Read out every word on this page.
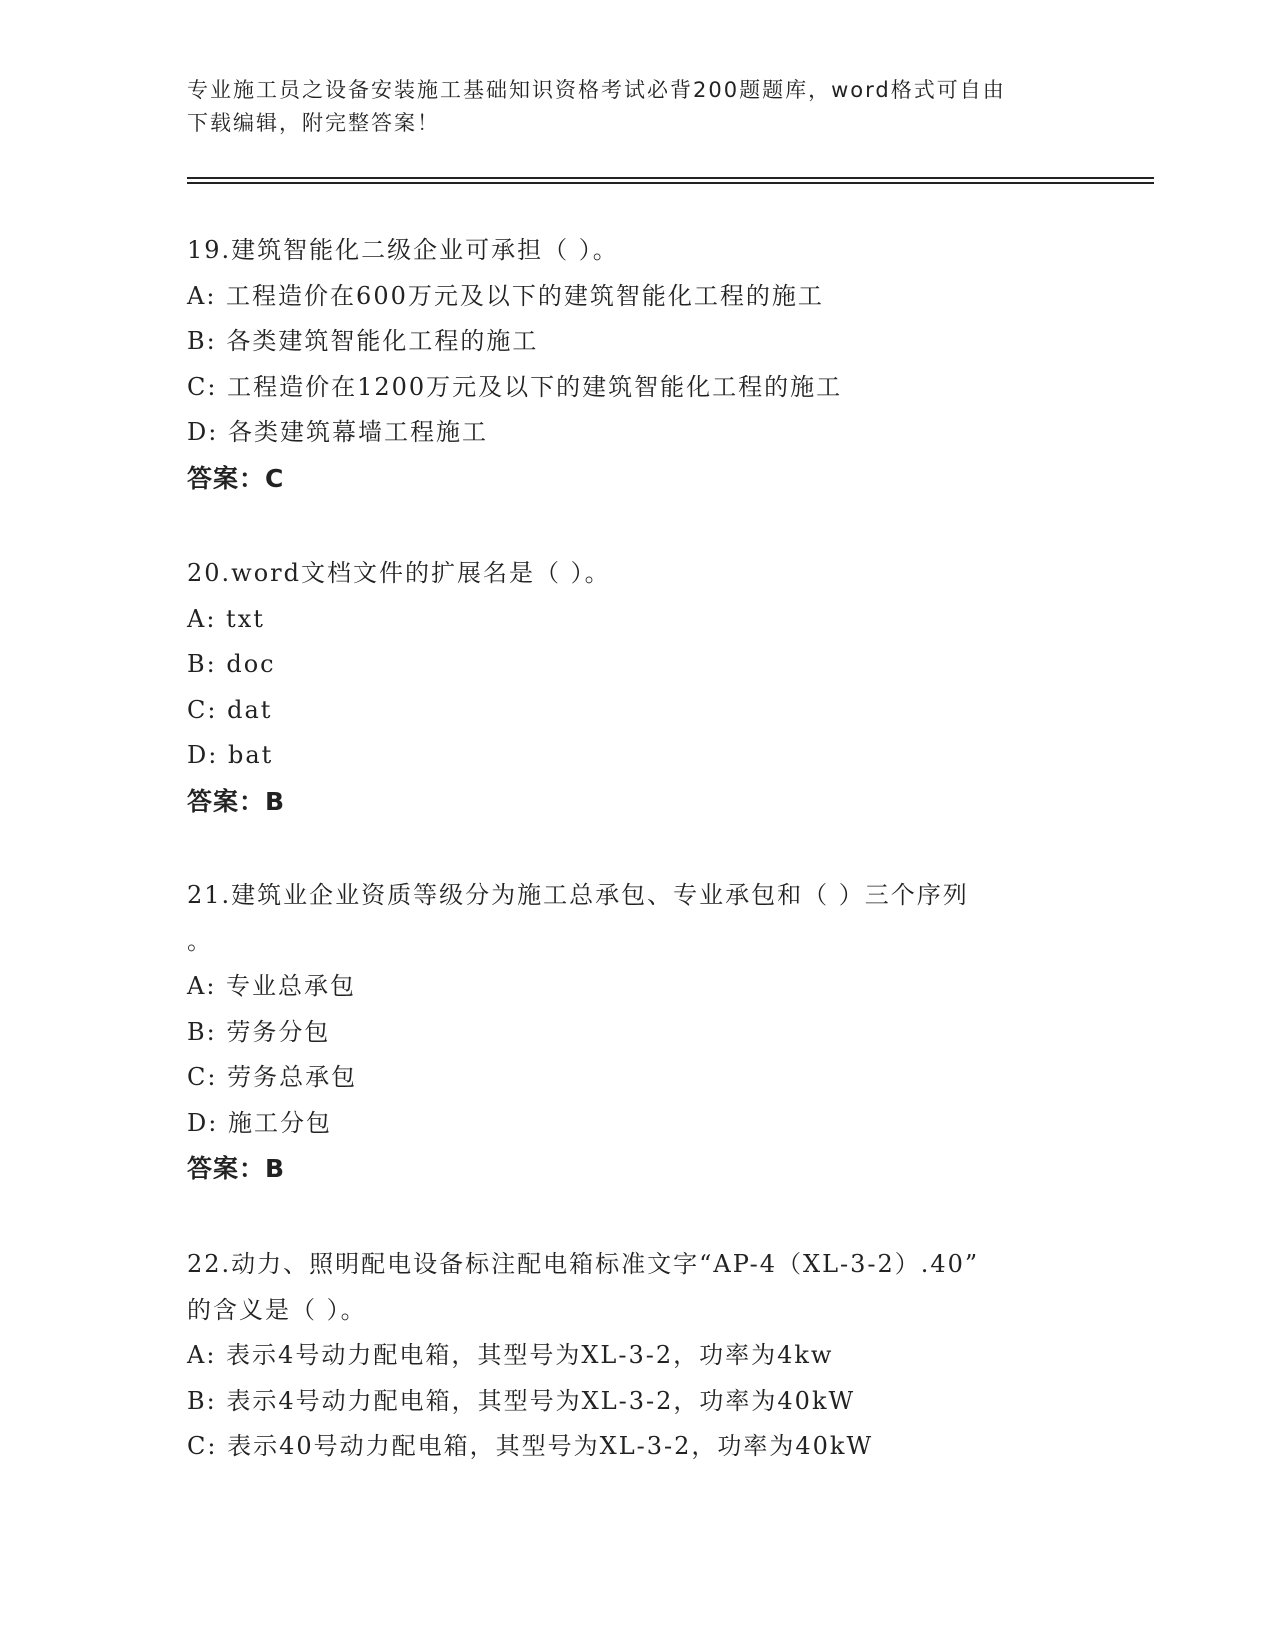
专业施工员之设备安装施工基础知识资格考试必背200题题库，word格式可自由
下载编辑，附完整答案！
19.建筑智能化二级企业可承担（ ）。
A: 工程造价在600万元及以下的建筑智能化工程的施工
B: 各类建筑智能化工程的施工
C: 工程造价在1200万元及以下的建筑智能化工程的施工
D: 各类建筑幕墙工程施工
答案：C
20.word文档文件的扩展名是（ ）。
A: txt
B: doc
C: dat
D: bat
答案：B
21.建筑业企业资质等级分为施工总承包、专业承包和（ ）三个序列
。
A: 专业总承包
B: 劳务分包
C: 劳务总承包
D: 施工分包
答案：B
22.动力、照明配电设备标注配电箱标准文字“AP-4（XL-3-2）.40”
的含义是（ ）。
A: 表示4号动力配电箱，其型号为XL-3-2，功率为4kw
B: 表示4号动力配电箱，其型号为XL-3-2，功率为40kW
C: 表示40号动力配电箱，其型号为XL-3-2，功率为40kW
